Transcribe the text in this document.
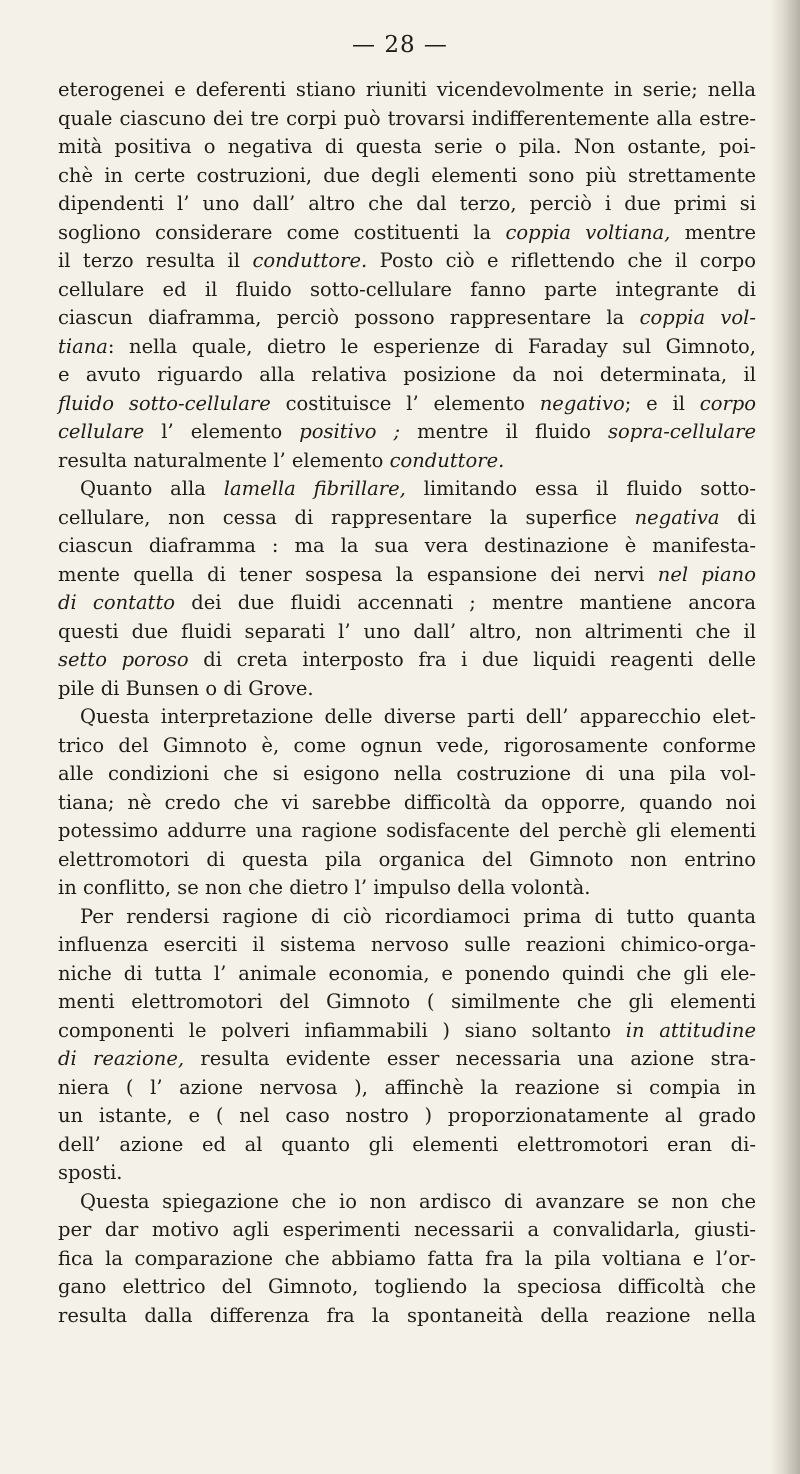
— 28 —
eterogenei e deferenti stiano riuniti vicendevolmente in serie; nella
quale ciascuno dei tre corpi può trovarsi indifferentemente alla estre-
mità positiva o negativa di questa serie o pila. Non ostante, poi-
chè in certe costruzioni, due degli elementi sono più strettamente
dipendenti l’ uno dall’ altro che dal terzo, perciò i due primi si
sogliono considerare come costituenti la coppia voltiana, mentre
il terzo resulta il conduttore. Posto ciò e riflettendo che il corpo
cellulare ed il fluido sotto-cellulare fanno parte integrante di
ciascun diaframma, perciò possono rappresentare la coppia vol-
tiana: nella quale, dietro le esperienze di Faraday sul Gimnoto,
e avuto riguardo alla relativa posizione da noi determinata, il
fluido sotto-cellulare costituisce l’ elemento negativo; e il corpo
cellulare l’ elemento positivo ; mentre il fluido sopra-cellulare
resulta naturalmente l’ elemento conduttore.
Quanto alla lamella fibrillare, limitando essa il fluido sotto-
cellulare, non cessa di rappresentare la superfice negativa di
ciascun diaframma : ma la sua vera destinazione è manifesta-
mente quella di tener sospesa la espansione dei nervi nel piano
di contatto dei due fluidi accennati ; mentre mantiene ancora
questi due fluidi separati l’ uno dall’ altro, non altrimenti che il
setto poroso di creta interposto fra i due liquidi reagenti delle
pile di Bunsen o di Grove.
Questa interpretazione delle diverse parti dell’ apparecchio elet-
trico del Gimnoto è, come ognun vede, rigorosamente conforme
alle condizioni che si esigono nella costruzione di una pila vol-
tiana; nè credo che vi sarebbe difficoltà da opporre, quando noi
potessimo addurre una ragione sodisfacente del perchè gli elementi
elettromotori di questa pila organica del Gimnoto non entrino
in conflitto, se non che dietro l’ impulso della volontà.
Per rendersi ragione di ciò ricordiamoci prima di tutto quanta
influenza eserciti il sistema nervoso sulle reazioni chimico-orga-
niche di tutta l’ animale economia, e ponendo quindi che gli ele-
menti elettromotori del Gimnoto ( similmente che gli elementi
componenti le polveri infiammabili ) siano soltanto in attitudine
di reazione, resulta evidente esser necessaria una azione stra-
niera ( l’ azione nervosa ), affinchè la reazione si compia in
un istante, e ( nel caso nostro ) proporzionatamente al grado
dell’ azione ed al quanto gli elementi elettromotori eran di-
sposti.
Questa spiegazione che io non ardisco di avanzare se non che
per dar motivo agli esperimenti necessarii a convalidarla, giusti-
fica la comparazione che abbiamo fatta fra la pila voltiana e l’or-
gano elettrico del Gimnoto, togliendo la speciosa difficoltà che
resulta dalla differenza fra la spontaneità della reazione nella
